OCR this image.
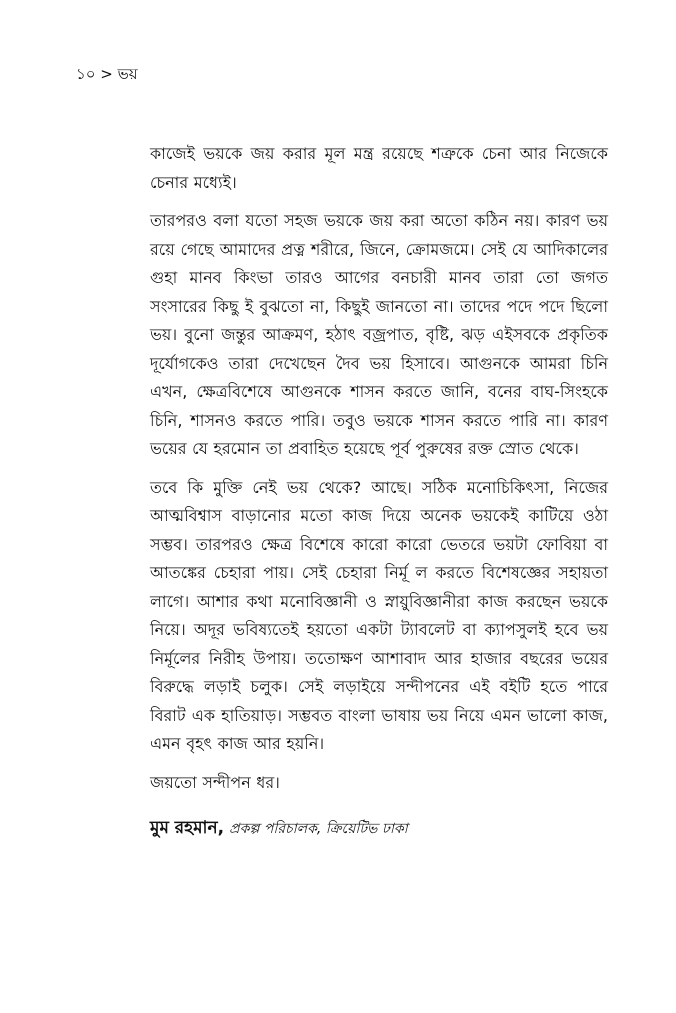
১০ > ভয়

কাজেই ভয়কে জয় করার মূল মন্ত্র রয়েছে শত্রুকে চেনা আর নিজেকে চেনার মধ্যেই।

তারপরও বলা যতো সহজ ভয়কে জয় করা অতো কঠিন নয়। কারণ ভয় রয়ে গেছে আমাদের প্রত্ন শরীরে, জিনে, ক্রোমজমে। সেই যে আদিকালের গুহা মানব কিংভা তারও আগের বনচারী মানব তারা তো জগত সংসারের কিছু ই বুঝতো না, কিছুই জানতো না। তাদের পদে পদে ছিলো ভয়। বুনো জন্তুর আক্রমণ, হঠাৎ বজ্রপাত, বৃষ্টি, ঝড় এইসবকে প্রকৃতিক দূর্যোগকেও তারা দেখেছেন দৈব ভয় হিসাবে। আগুনকে আমরা চিনি এখন, ক্ষেত্রবিশেষে আগুনকে শাসন করতে জানি, বনের বাঘ-সিংহকে চিনি, শাসনও করতে পারি। তবুও ভয়কে শাসন করতে পারি না। কারণ ভয়ের যে হরমোন তা প্রবাহিত হয়েছে পূর্ব পুরুষের রক্ত স্রোত থেকে।

তবে কি মুক্তি নেই ভয় থেকে? আছে। সঠিক মনোচিকিৎসা, নিজের আত্মবিশ্বাস বাড়ানোর মতো কাজ দিয়ে অনেক ভয়কেই কাটিয়ে ওঠা সম্ভব। তারপরও ক্ষেত্র বিশেষে কারো কারো ভেতরে ভয়টা ফোবিয়া বা আতঙ্কের চেহারা পায়। সেই চেহারা নির্মূ ল করতে বিশেষজ্ঞের সহায়তা লাগে। আশার কথা মনোবিজ্ঞানী ও স্নায়ুবিজ্ঞানীরা কাজ করছেন ভয়কে নিয়ে। অদূর ভবিষ্যতেই হয়তো একটা ট্যাবলেট বা ক্যাপসুলই হবে ভয় নির্মূলের নিরীহ উপায়। ততোক্ষণ আশাবাদ আর হাজার বছরের ভয়ের বিরুদ্ধে লড়াই চলুক। সেই লড়াইয়ে সন্দীপনের এই বইটি হতে পারে বিরাট এক হাতিয়াড়। সম্ভবত বাংলা ভাষায় ভয় নিয়ে এমন ভালো কাজ, এমন বৃহৎ কাজ আর হয়নি।

জয়তো সন্দীপন ধর।

মুম রহমান, প্রকল্প পরিচালক, ক্রিয়েটিভ ঢাকা
